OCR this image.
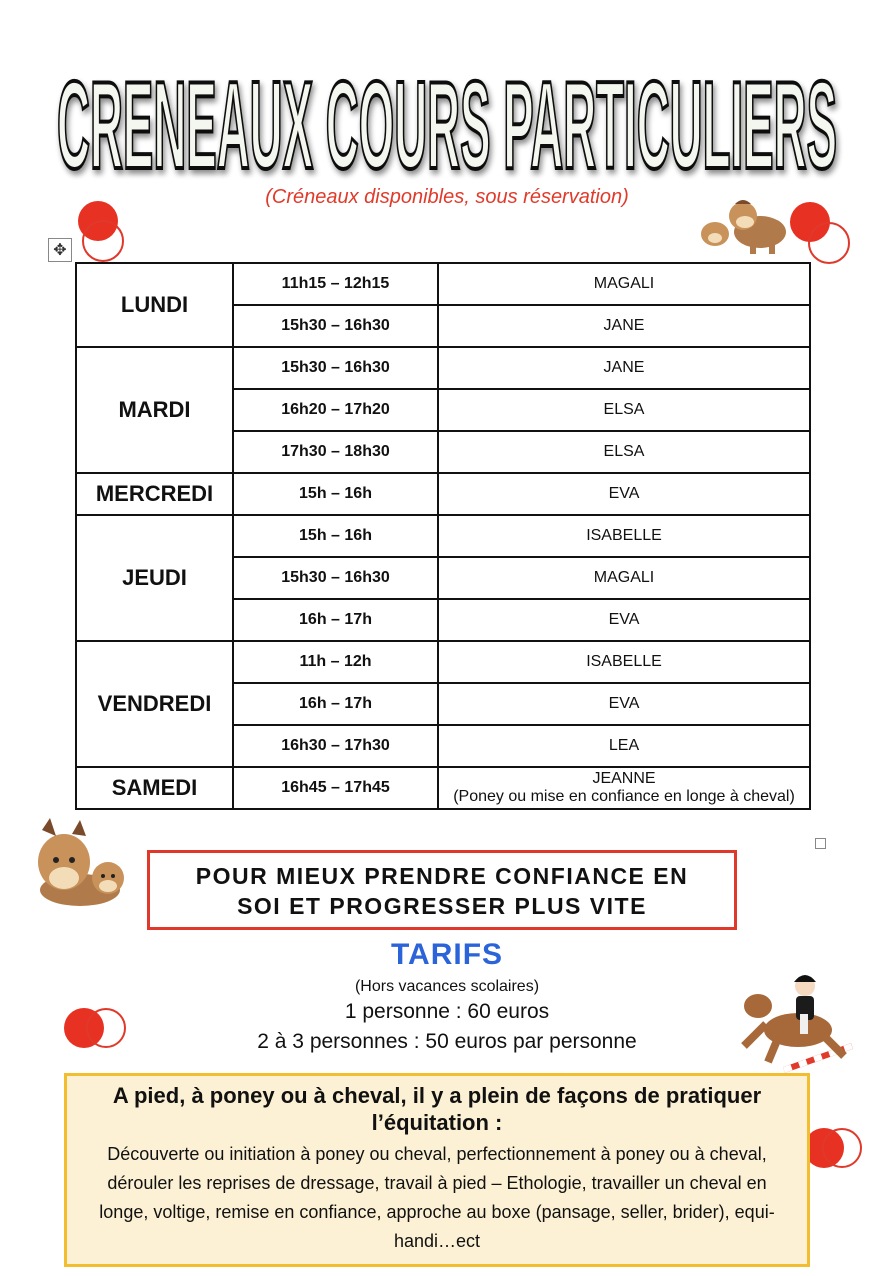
CRENEAUX COURS PARTICULIERS
(Créneaux disponibles, sous réservation)
✥
LUNDI	11h15 – 12h15	MAGALI

	15h30 – 16h30	JANE

MARDI	15h30 – 16h30	JANE

	16h20 – 17h20	ELSA

	17h30 – 18h30	ELSA

MERCREDI	15h – 16h	EVA

JEUDI	15h – 16h	ISABELLE

	15h30 – 16h30	MAGALI

	16h – 17h	EVA

VENDREDI	11h – 12h	ISABELLE

	16h – 17h	EVA

	16h30 – 17h30	LEA

SAMEDI	16h45 – 17h45	JEANNE
(Poney ou mise en confiance en longe à cheval)
POUR MIEUX PRENDRE CONFIANCE EN
SOI ET PROGRESSER PLUS VITE
TARIFS
(Hors vacances scolaires)
1 personne : 60 euros
2 à 3 personnes : 50 euros par personne
A pied, à poney ou à cheval, il y a plein de façons de pratiquer l’équitation :
Découverte ou initiation à poney ou cheval, perfectionnement à poney ou à cheval, dérouler les reprises de dressage, travail à pied – Ethologie, travailler un cheval en longe, voltige, remise en confiance, approche au boxe (pansage, seller, brider), equi-handi…ect
